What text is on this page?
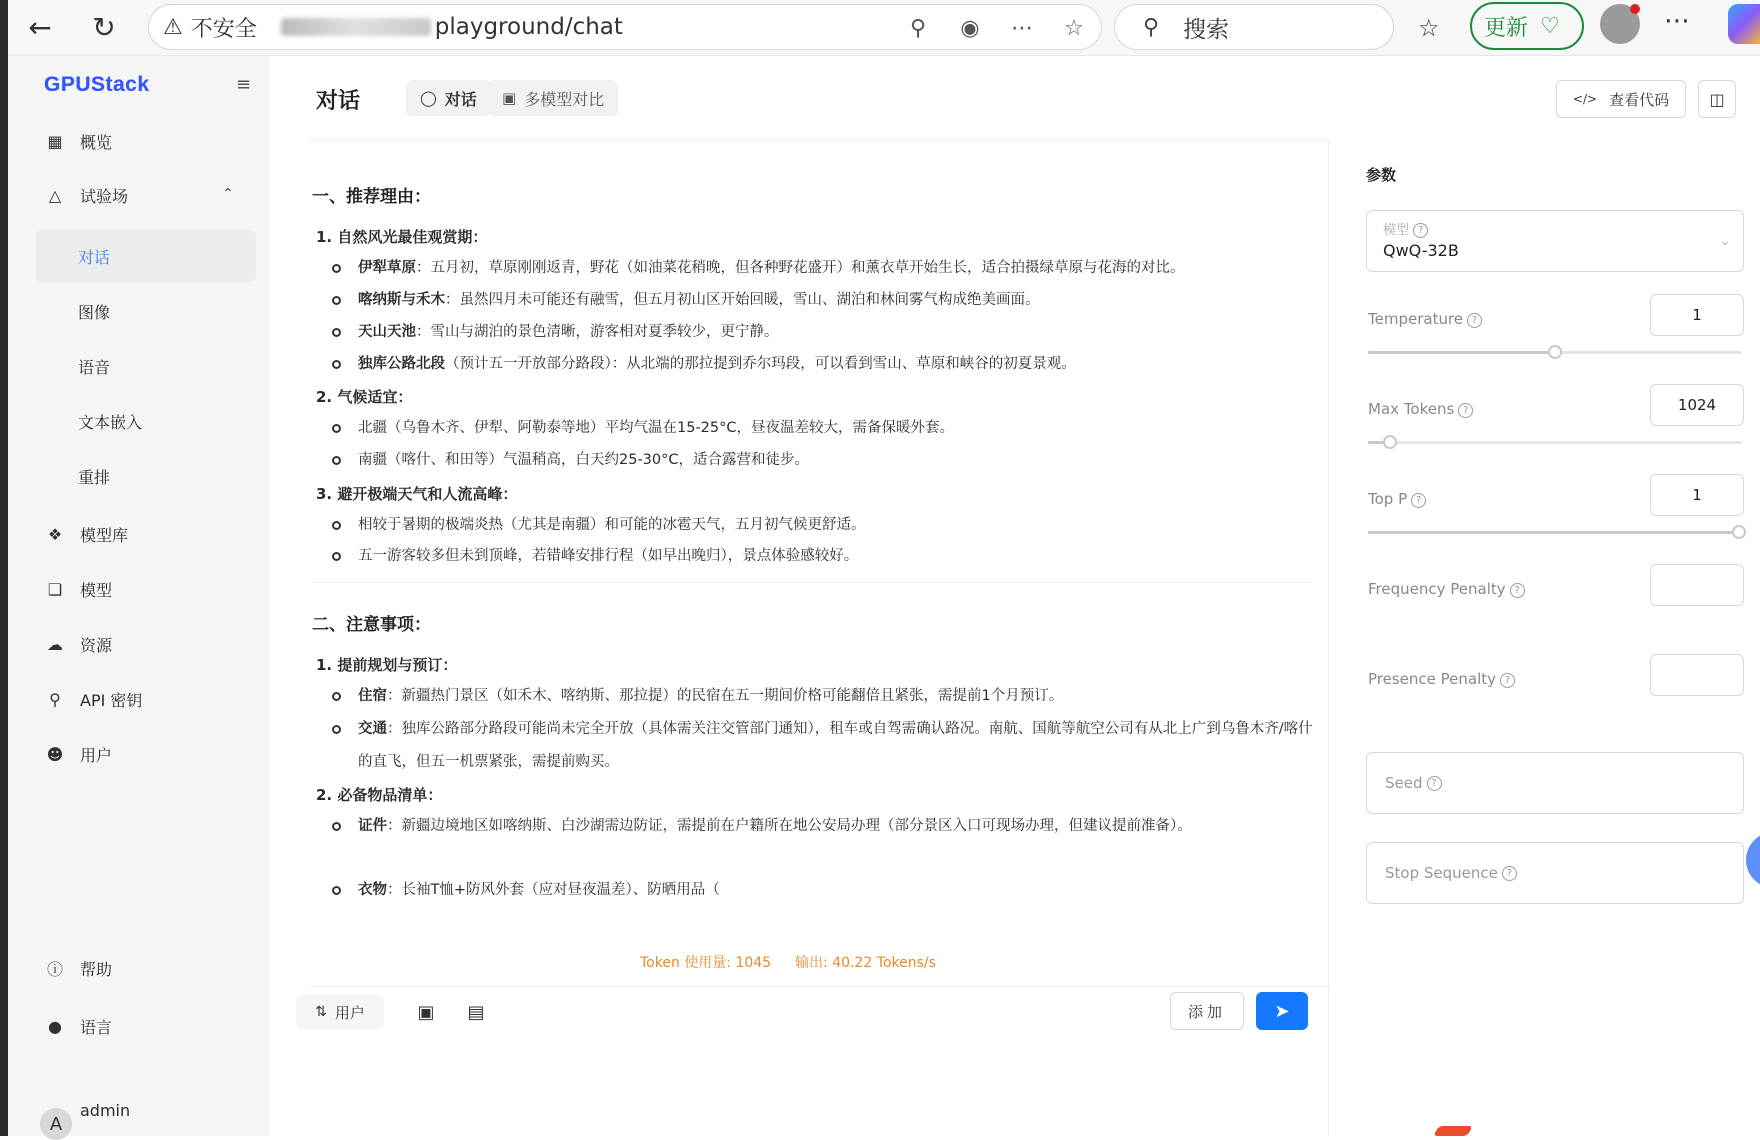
←	↻	⚠ 不安全	playground/chat	⚲	◉	⋯	☆	⚲ 搜索	☆ 更新 ♡	⋯
GPUStack	≡
▦ 概览
△	试验场	⌃
对话
图像
语音
文本嵌入
重排
❖ 模型库
❏ 模型
☁ 资源
⚲	API 密钥
☻ 用户
ⓘ 帮助
● 语言
admin
A
对话	◯ 对话 ▣ 多模型对比	</> 查看代码	◫
一、推荐理由：
1. 自然风光最佳观赏期：
伊犁草原：五月初，草原刚刚返青，野花（如油菜花稍晚，但各种野花盛开）和薰衣草开始生长，适合拍摄绿草原与花海的对比。
喀纳斯与禾木：虽然四月未可能还有融雪，但五月初山区开始回暖，雪山、湖泊和林间雾气构成绝美画面。
天山天池：雪山与湖泊的景色清晰，游客相对夏季较少，更宁静。
独库公路北段（预计五一开放部分路段）：从北端的那拉提到乔尔玛段，可以看到雪山、草原和峡谷的初夏景观。
2. 气候适宜：
北疆（乌鲁木齐、伊犁、阿勒泰等地）平均气温在15-25°C，昼夜温差较大，需备保暖外套。
南疆（喀什、和田等）气温稍高，白天约25-30°C，适合露营和徒步。
3. 避开极端天气和人流高峰：
相较于暑期的极端炎热（尤其是南疆）和可能的冰雹天气，五月初气候更舒适。
五一游客较多但未到顶峰，若错峰安排行程（如早出晚归），景点体验感较好。
二、注意事项：
1. 提前规划与预订：
住宿：新疆热门景区（如禾木、喀纳斯、那拉提）的民宿在五一期间价格可能翻倍且紧张，需提前1个月预订。
交通：独库公路部分路段可能尚未完全开放（具体需关注交管部门通知），租车或自驾需确认路况。南航、国航等航空公司有从北上广到乌鲁木齐/喀什的直飞，但五一机票紧张，需提前购买。
2. 必备物品清单：
证件：新疆边境地区如喀纳斯、白沙湖需边防证，需提前在户籍所在地公安局办理（部分景区入口可现场办理，但建议提前准备）。
衣物：长袖T恤+防风外套（应对昼夜温差）、防晒用品（
Token 使用量: 1045 输出: 40.22 Tokens/s
⇅ 用户	▣	▤	添加	➤
参数
模型 ?
QwQ-32B	⌄
Temperature ?	1
Max Tokens ?	1024
Top P ?	1
Frequency Penalty ?
Presence Penalty ?
Seed ?
Stop Sequence ?
